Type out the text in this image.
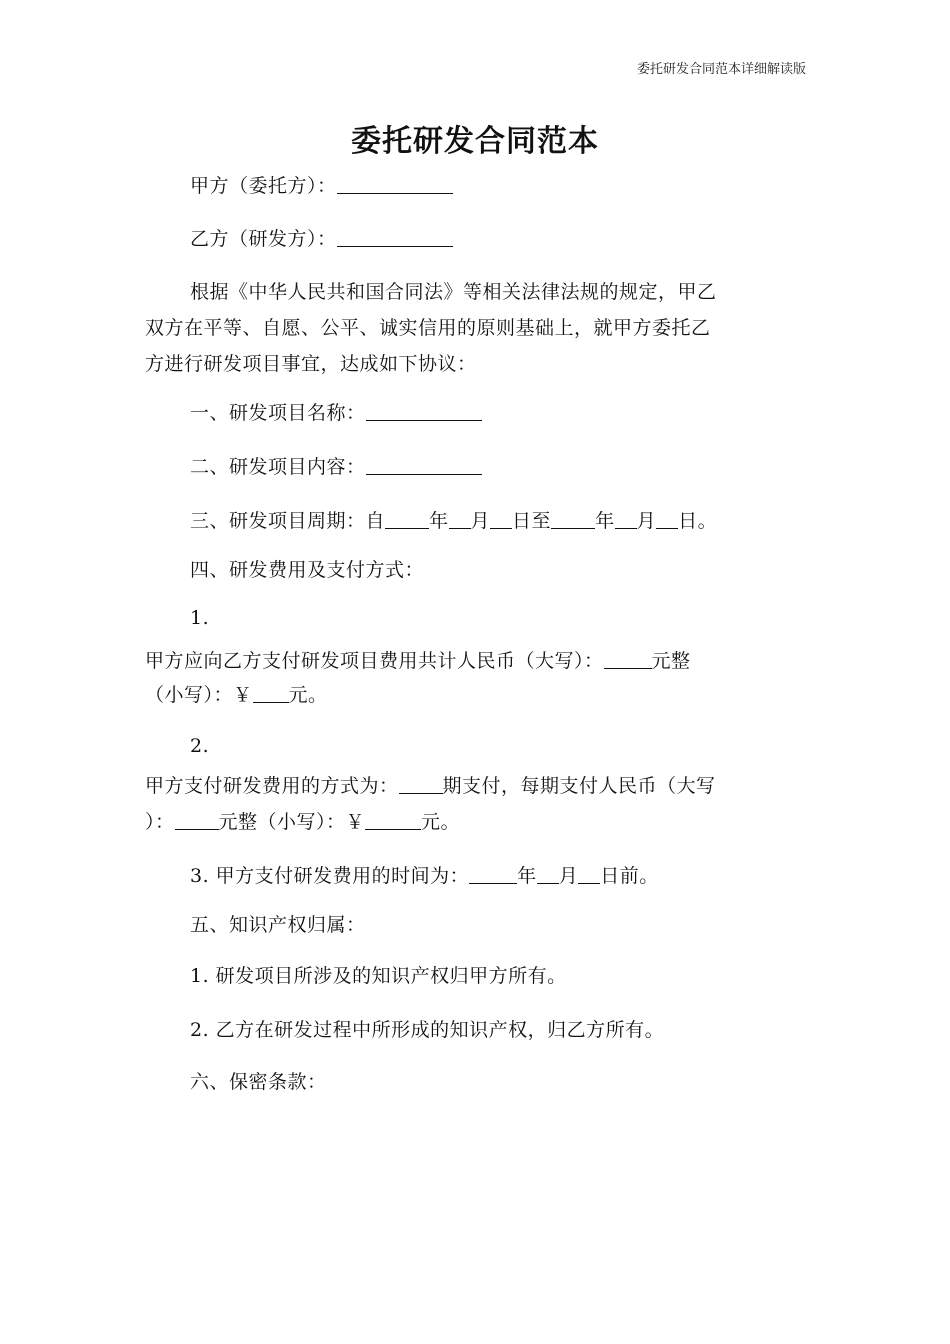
委托研发合同范本详细解读版
委托研发合同范本
甲方（委托方）：
乙方（研发方）：
根据《中华人民共和国合同法》等相关法律法规的规定，甲乙
双方在平等、自愿、公平、诚实信用的原则基础上，就甲方委托乙
方进行研发项目事宜，达成如下协议：
一、研发项目名称：
二、研发项目内容：
三、研发项目周期：自 年 月 日至 年 月 日。
四、研发费用及支付方式：
1.
甲方应向乙方支付研发项目费用共计人民币（大写）：	元整
（小写）：￥ 元。
2.
甲方支付研发费用的方式为： 期支付，每期支付人民币（大写
）： 元整（小写）：￥	元。
3. 甲方支付研发费用的时间为：	年 月 日前。
五、知识产权归属：
1. 研发项目所涉及的知识产权归甲方所有。
2. 乙方在研发过程中所形成的知识产权，归乙方所有。
六、保密条款：
